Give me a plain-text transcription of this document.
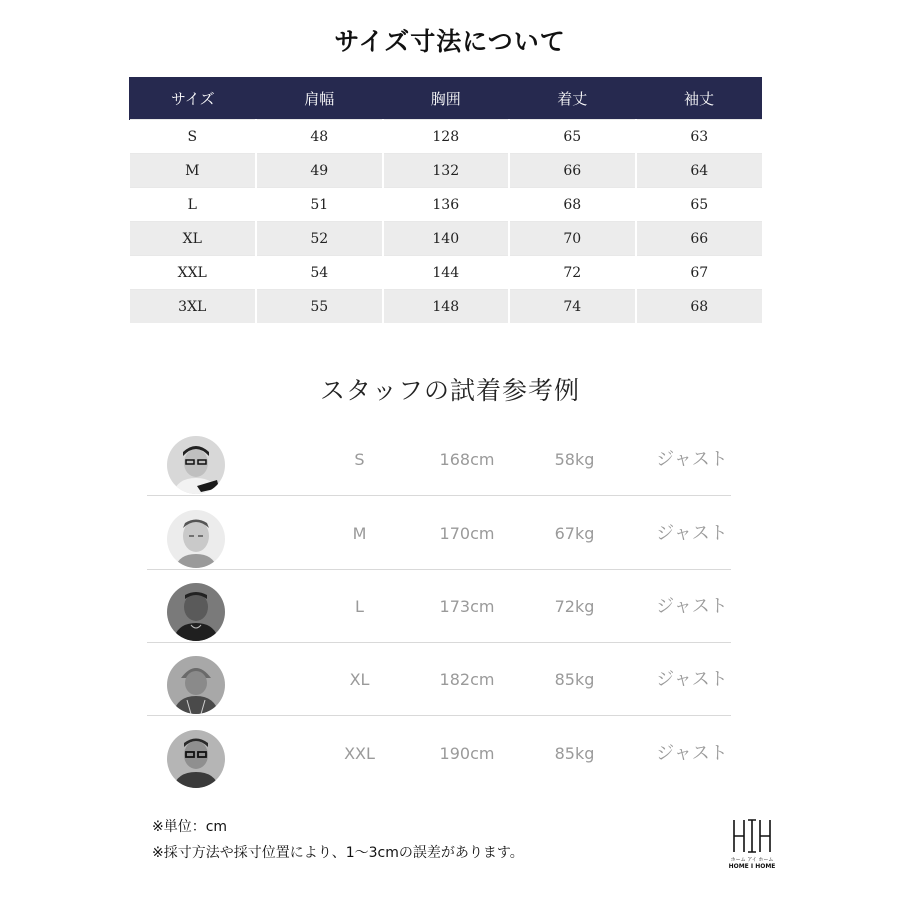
サイズ寸法について
サイズ	肩幅	胸囲	着丈	袖丈
S	48	128	65	63
M	49	132	66	64
L	51	136	68	65
XL	52	140	70	66
XXL	54	144	72	67
3XL	55	148	74	68
スタッフの試着参考例
S	168cm	58kg	ジャスト
M	170cm	67kg	ジャスト
L	173cm	72kg	ジャスト
XL	182cm	85kg	ジャスト
XXL	190cm	85kg	ジャスト
※単位：cm
※採寸方法や採寸位置により、1～3cmの誤差があります。	ホーム アイ ホーム
HOME I HOME
